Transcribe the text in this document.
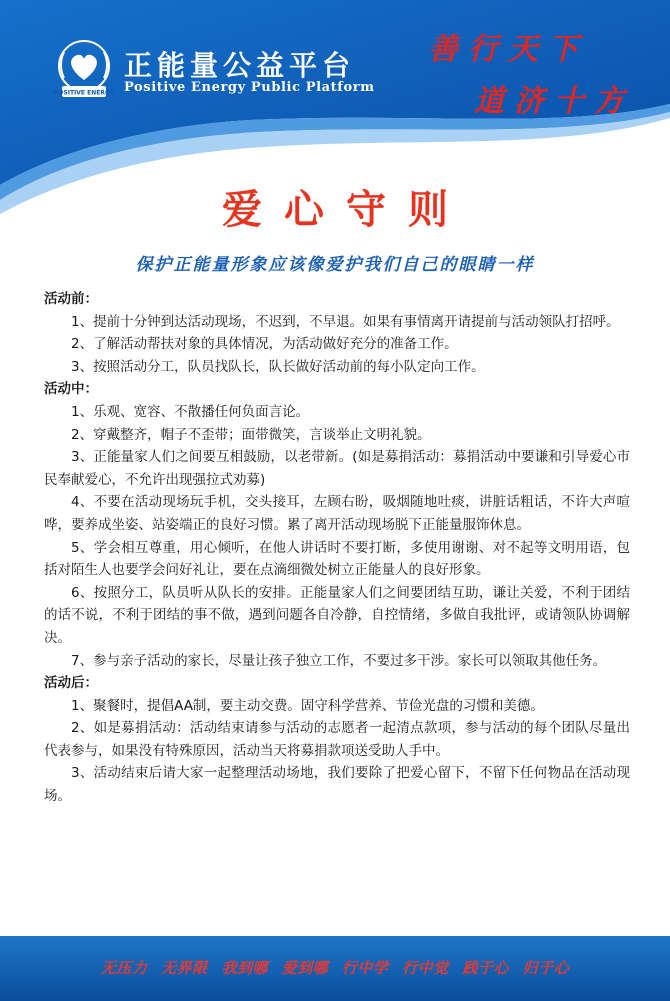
POSITIVE ENERGY
正能量公益平台
Positive Energy Public Platform
善行天下
道济十方
爱心守则
保护正能量形象应该像爱护我们自己的眼睛一样
活动前：
1、提前十分钟到达活动现场，不迟到，不早退。如果有事情离开请提前与活动领队打招呼。
2、了解活动帮扶对象的具体情况，为活动做好充分的准备工作。
3、按照活动分工，队员找队长，队长做好活动前的每小队定向工作。
活动中：
1、乐观、宽容、不散播任何负面言论。
2、穿戴整齐，帽子不歪带；面带微笑，言谈举止文明礼貌。
3、正能量家人们之间要互相鼓励，以老带新。(如是募捐活动：募捐活动中要谦和引导爱心市民奉献爱心，不允许出现强拉式劝募)
4、不要在活动现场玩手机，交头接耳，左顾右盼，吸烟随地吐痰，讲脏话粗话，不许大声喧哗，要养成坐姿、站姿端正的良好习惯。累了离开活动现场脱下正能量服饰休息。
5、学会相互尊重，用心倾听，在他人讲话时不要打断，多使用谢谢、对不起等文明用语，包括对陌生人也要学会问好礼让，要在点滴细微处树立正能量人的良好形象。
6、按照分工，队员听从队长的安排。正能量家人们之间要团结互助，谦让关爱，不利于团结的话不说，不利于团结的事不做，遇到问题各自冷静，自控情绪，多做自我批评，或请领队协调解决。
7、参与亲子活动的家长，尽量让孩子独立工作，不要过多干涉。家长可以领取其他任务。
活动后：
1、聚餐时，提倡AA制，要主动交费。固守科学营养、节俭光盘的习惯和美德。
2、如是募捐活动：活动结束请参与活动的志愿者一起清点款项，参与活动的每个团队尽量出代表参与，如果没有特殊原因，活动当天将募捐款项送受助人手中。
3、活动结束后请大家一起整理活动场地，我们要除了把爱心留下，不留下任何物品在活动现场。
无压力 无界限 我到哪 爱到哪 行中学 行中觉 践于心 归于心
